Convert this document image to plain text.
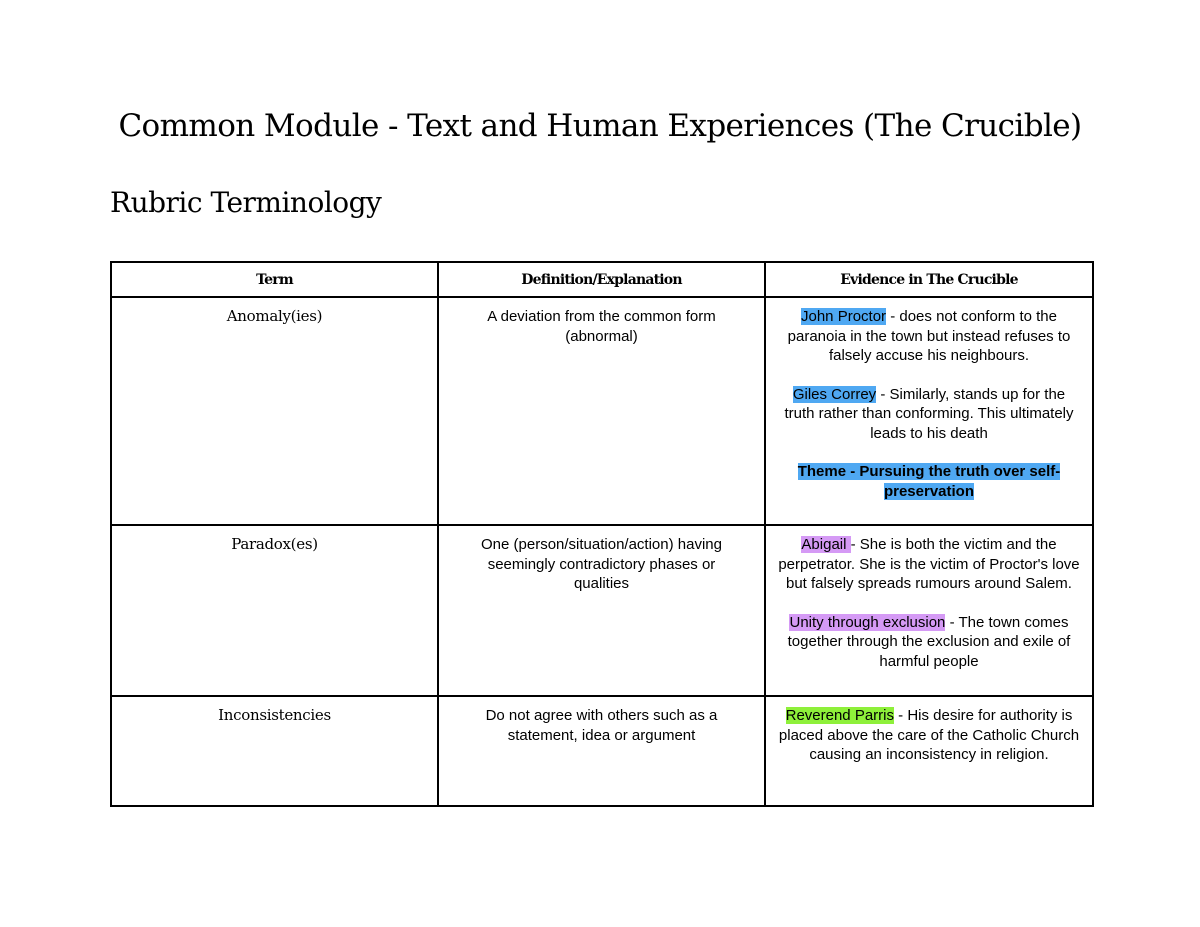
Common Module - Text and Human Experiences (The Crucible)
Rubric Terminology
Term	Definition/Explanation	Evidence in The Crucible
Anomaly(ies)	A deviation from the common form (abnormal)	John Proctor - does not conform to the paranoia in the town but instead refuses to falsely accuse his neighbours.
Giles Correy - Similarly, stands up for the truth rather than conforming. This ultimately leads to his death
Theme - Pursuing the truth over self-preservation

Paradox(es)	One (person/situation/action) having seemingly contradictory phases or qualities	Abigail - She is both the victim and the perpetrator. She is the victim of Proctor's love but falsely spreads rumours around Salem.
Unity through exclusion - The town comes together through the exclusion and exile of harmful people

Inconsistencies	Do not agree with others such as a statement, idea or argument	Reverend Parris - His desire for authority is placed above the care of the Catholic Church causing an inconsistency in religion.
